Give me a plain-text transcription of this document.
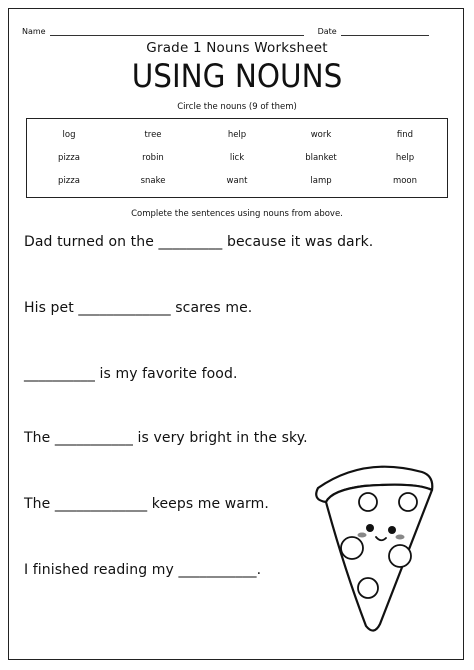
Name	Date
Grade 1 Nouns Worksheet
USING NOUNS
Circle the nouns (9 of them)
log	tree	help	work	find
pizza	robin	lick	blanket	help
pizza	snake	want	lamp	moon
Complete the sentences using nouns from above.
Dad turned on the _________ because it was dark.
His pet _____________ scares me.
__________ is my favorite food.
The ___________ is very bright in the sky.
The _____________ keeps me warm.
I finished reading my ___________.
